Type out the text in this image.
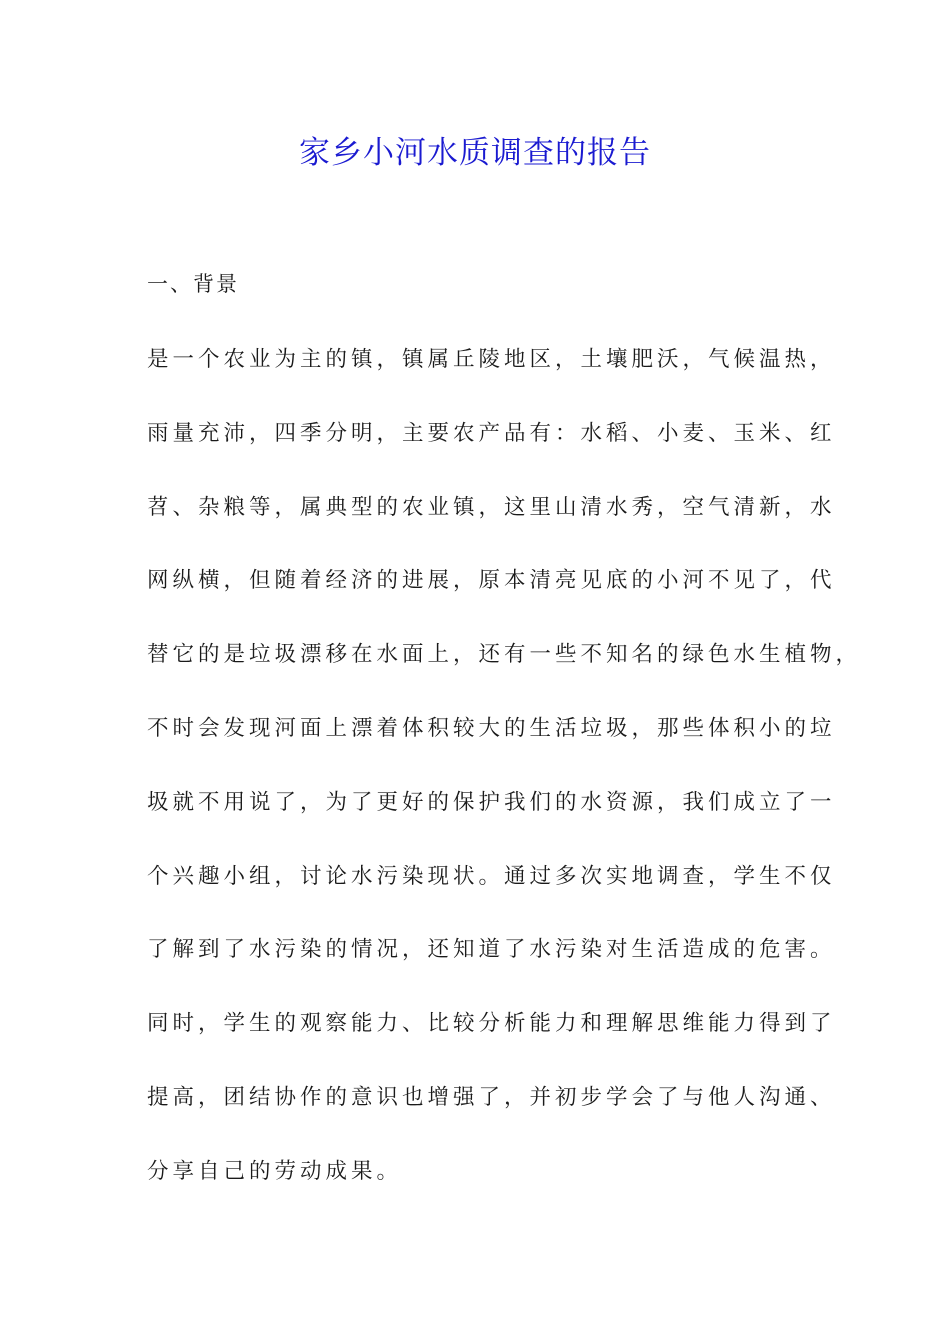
家乡小河水质调查的报告
一、背景
是一个农业为主的镇，镇属丘陵地区，土壤肥沃，气候温热，
雨量充沛，四季分明，主要农产品有：水稻、小麦、玉米、红
苕、杂粮等，属典型的农业镇，这里山清水秀，空气清新，水
网纵横，但随着经济的进展，原本清亮见底的小河不见了，代
替它的是垃圾漂移在水面上，还有一些不知名的绿色水生植物，
不时会发现河面上漂着体积较大的生活垃圾，那些体积小的垃
圾就不用说了，为了更好的保护我们的水资源，我们成立了一
个兴趣小组，讨论水污染现状。通过多次实地调查，学生不仅
了解到了水污染的情况，还知道了水污染对生活造成的危害。
同时，学生的观察能力、比较分析能力和理解思维能力得到了
提高，团结协作的意识也增强了，并初步学会了与他人沟通、
分享自己的劳动成果。
